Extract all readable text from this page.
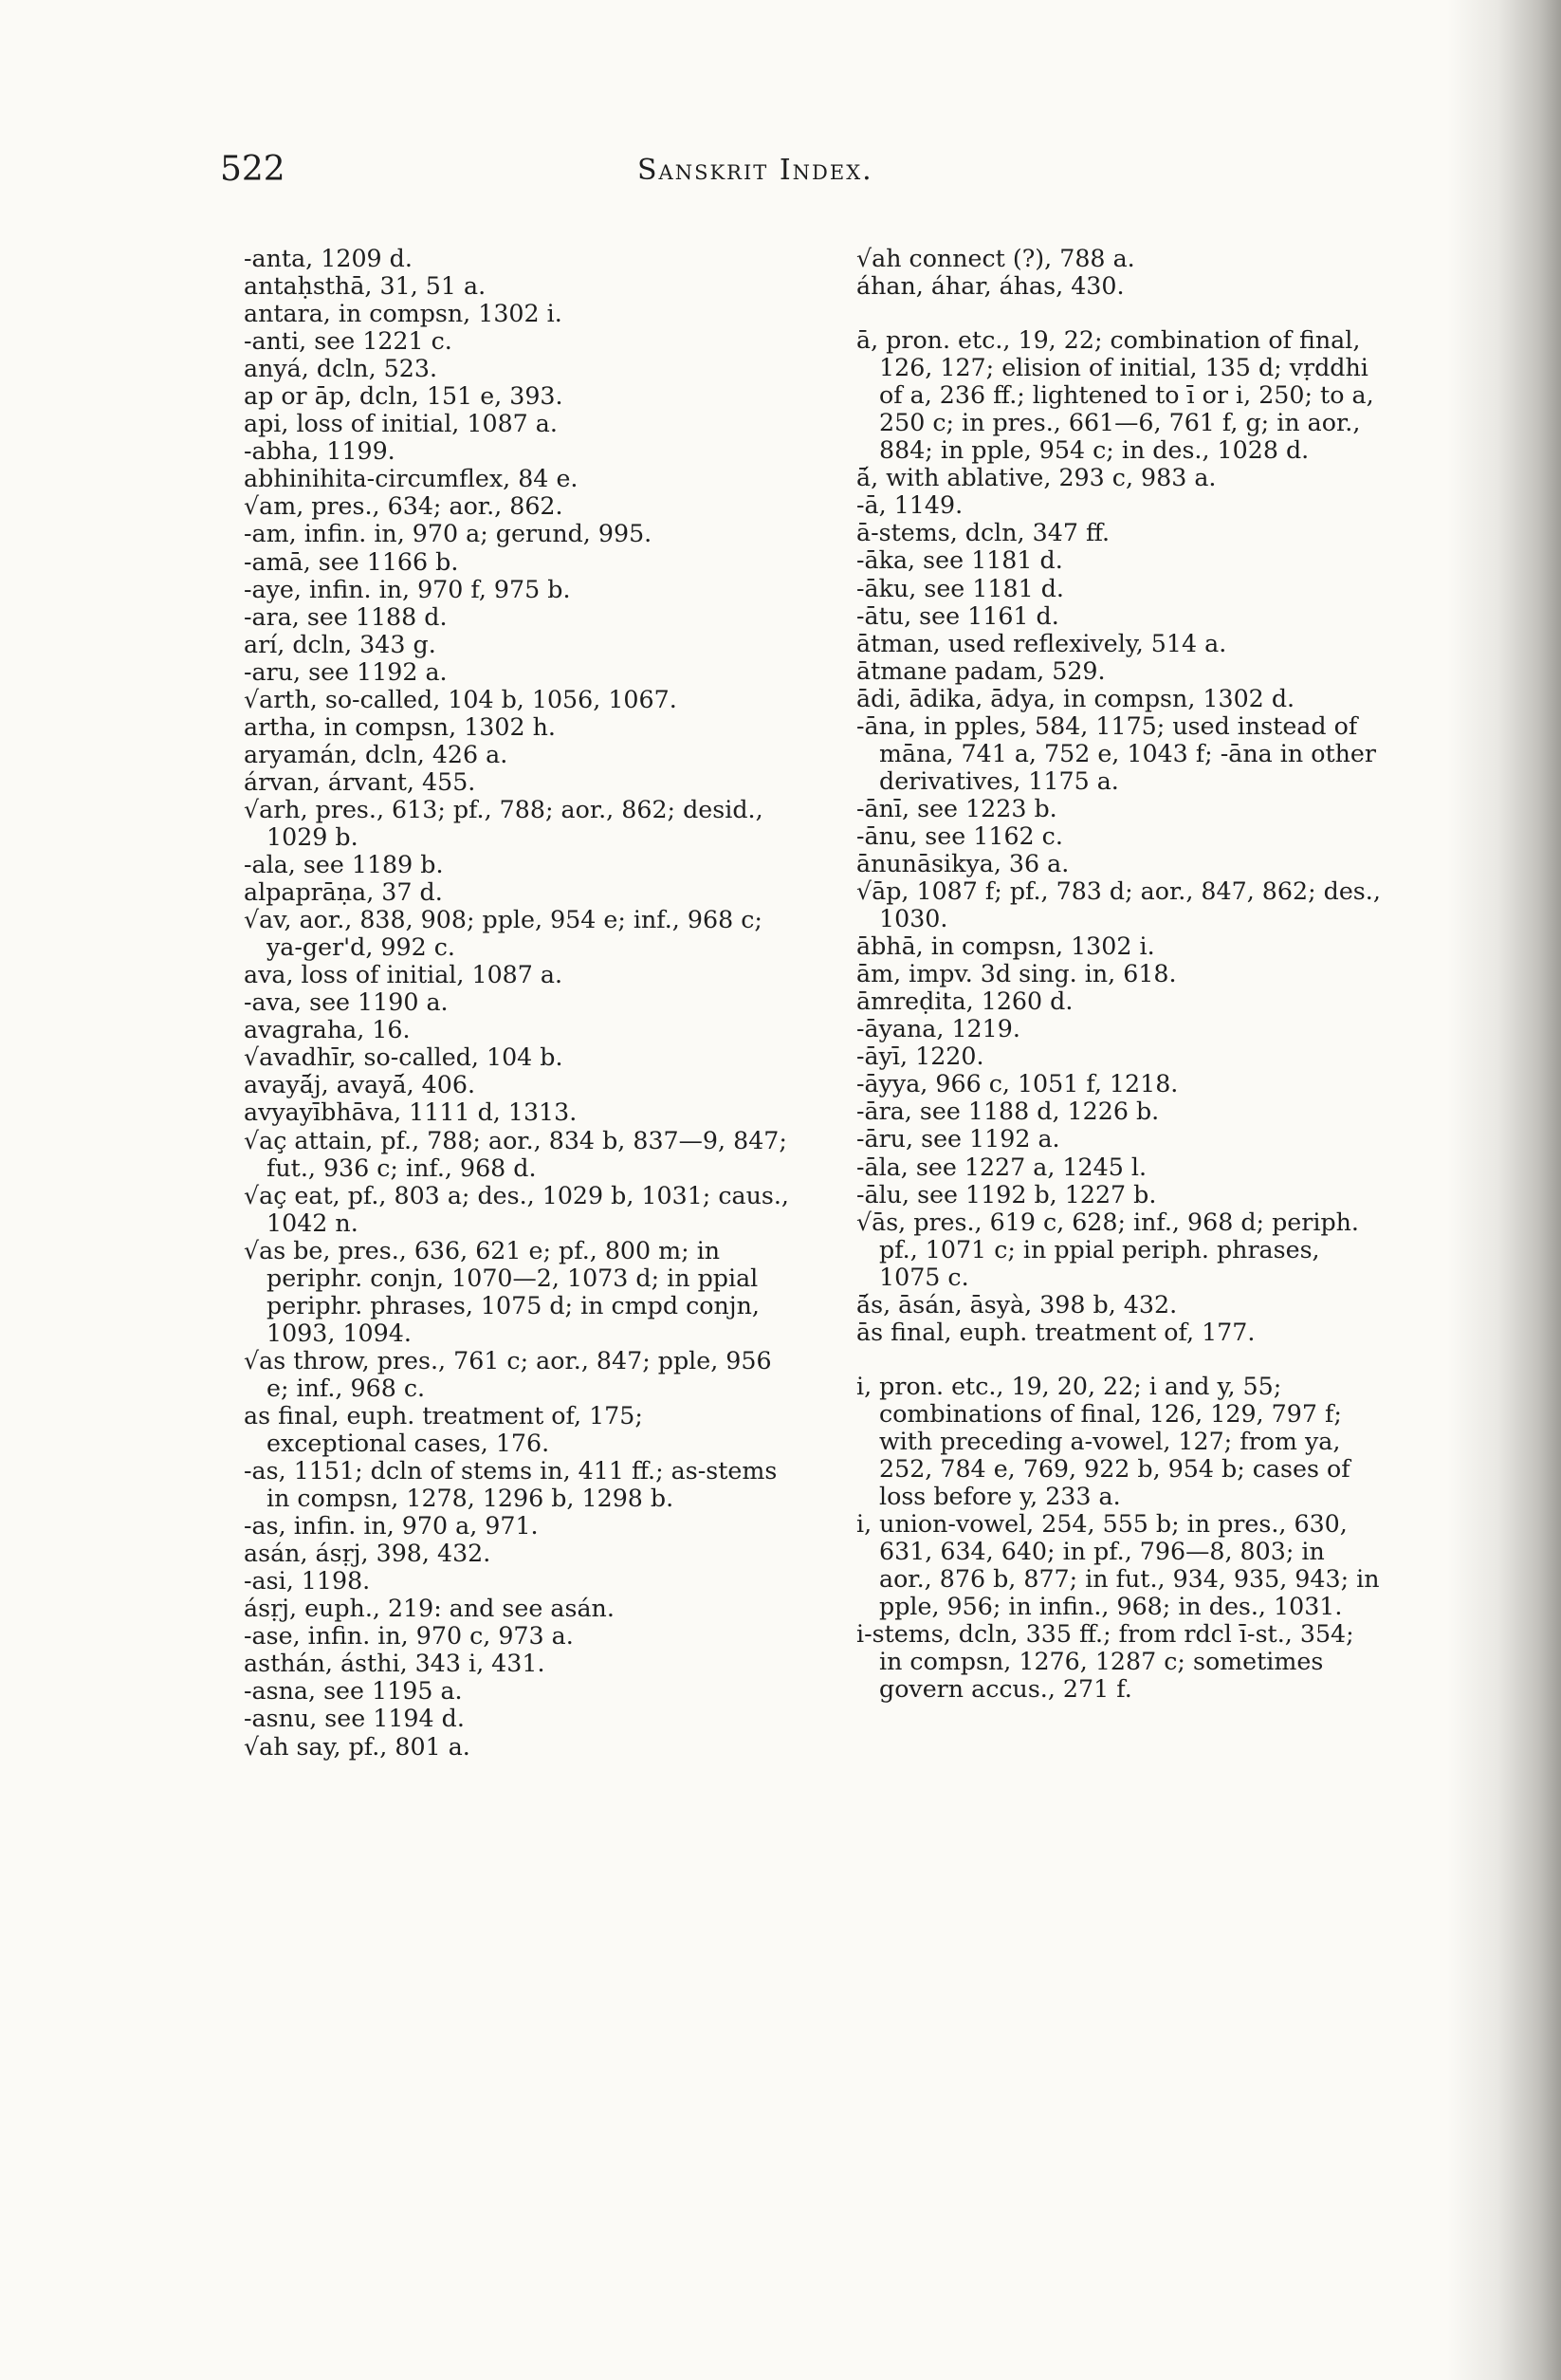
522	Sanskrit Index.
-anta, 1209 d.
antaḥsthā, 31, 51 a.
antara, in compsn, 1302 i.
-anti, see 1221 c.
anyá, dcln, 523.
ap or āp, dcln, 151 e, 393.
api, loss of initial, 1087 a.
-abha, 1199.
abhinihita-circumflex, 84 e.
√am, pres., 634; aor., 862.
-am, infin. in, 970 a; gerund, 995.
-amā, see 1166 b.
-aye, infin. in, 970 f, 975 b.
-ara, see 1188 d.
arí, dcln, 343 g.
-aru, see 1192 a.
√arth, so-called, 104 b, 1056, 1067.
artha, in compsn, 1302 h.
aryamán, dcln, 426 a.
árvan, árvant, 455.
√arh, pres., 613; pf., 788; aor., 862; desid., 1029 b.
-ala, see 1189 b.
alpaprāṇa, 37 d.
√av, aor., 838, 908; pple, 954 e; inf., 968 c; ya-ger'd, 992 c.
ava, loss of initial, 1087 a.
-ava, see 1190 a.
avagraha, 16.
√avadhīr, so-called, 104 b.
avayā́j, avayā́, 406.
avyayībhāva, 1111 d, 1313.
√aç attain, pf., 788; aor., 834 b, 837—9, 847; fut., 936 c; inf., 968 d.
√aç eat, pf., 803 a; des., 1029 b, 1031; caus., 1042 n.
√as be, pres., 636, 621 e; pf., 800 m; in periphr. conjn, 1070—2, 1073 d; in ppial periphr. phrases, 1075 d; in cmpd conjn, 1093, 1094.
√as throw, pres., 761 c; aor., 847; pple, 956 e; inf., 968 c.
as final, euph. treatment of, 175; exceptional cases, 176.
-as, 1151; dcln of stems in, 411 ff.; as-stems in compsn, 1278, 1296 b, 1298 b.
-as, infin. in, 970 a, 971.
asán, ásṛj, 398, 432.
-asi, 1198.
ásṛj, euph., 219: and see asán.
-ase, infin. in, 970 c, 973 a.
asthán, ásthi, 343 i, 431.
-asna, see 1195 a.
-asnu, see 1194 d.
√ah say, pf., 801 a.
√ah connect (?), 788 a.
áhan, áhar, áhas, 430.
ā, pron. etc., 19, 22; combination of final, 126, 127; elision of initial, 135 d; vṛddhi of a, 236 ff.; lightened to ī or i, 250; to a, 250 c; in pres., 661—6, 761 f, g; in aor., 884; in pple, 954 c; in des., 1028 d.
ā́, with ablative, 293 c, 983 a.
-ā, 1149.
ā-stems, dcln, 347 ff.
-āka, see 1181 d.
-āku, see 1181 d.
-ātu, see 1161 d.
ātman, used reflexively, 514 a.
ātmane padam, 529.
ādi, ādika, ādya, in compsn, 1302 d.
-āna, in pples, 584, 1175; used instead of māna, 741 a, 752 e, 1043 f; -āna in other derivatives, 1175 a.
-ānī, see 1223 b.
-ānu, see 1162 c.
ānunāsikya, 36 a.
√āp, 1087 f; pf., 783 d; aor., 847, 862; des., 1030.
ābhā, in compsn, 1302 i.
ām, impv. 3d sing. in, 618.
āmreḍita, 1260 d.
-āyana, 1219.
-āyī, 1220.
-āyya, 966 c, 1051 f, 1218.
-āra, see 1188 d, 1226 b.
-āru, see 1192 a.
-āla, see 1227 a, 1245 l.
-ālu, see 1192 b, 1227 b.
√ās, pres., 619 c, 628; inf., 968 d; periph. pf., 1071 c; in ppial periph. phrases, 1075 c.
ā́s, āsán, āsyà, 398 b, 432.
ās final, euph. treatment of, 177.
i, pron. etc., 19, 20, 22; i and y, 55; combinations of final, 126, 129, 797 f; with preceding a-vowel, 127; from ya, 252, 784 e, 769, 922 b, 954 b; cases of loss before y, 233 a.
i, union-vowel, 254, 555 b; in pres., 630, 631, 634, 640; in pf., 796—8, 803; in aor., 876 b, 877; in fut., 934, 935, 943; in pple, 956; in infin., 968; in des., 1031.
i-stems, dcln, 335 ff.; from rdcl ī-st., 354; in compsn, 1276, 1287 c; sometimes govern accus., 271 f.
